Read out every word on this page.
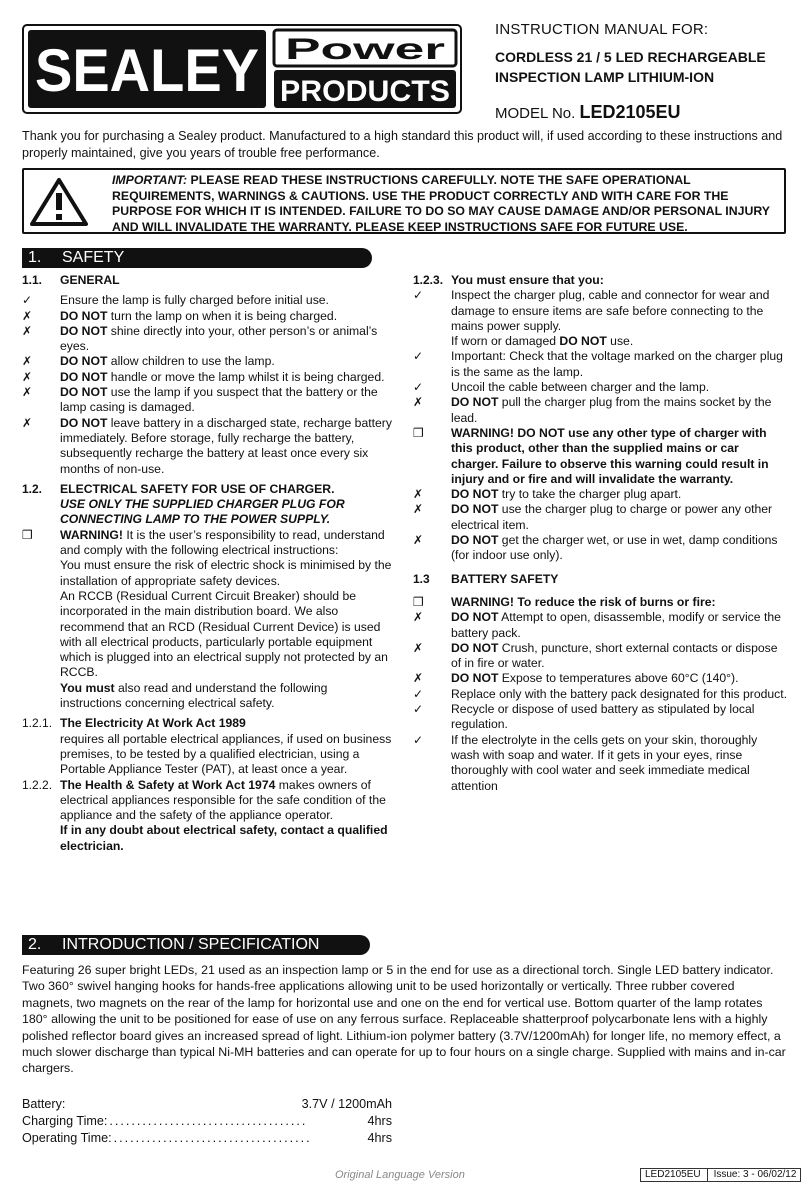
SEALEY Power
PRODUCTS
INSTRUCTION MANUAL FOR:
CORDLESS 21 / 5 LED RECHARGEABLE
INSPECTION LAMP LITHIUM-ION
MODEL No. LED2105EU
Thank you for purchasing a Sealey product. Manufactured to a high standard this product will, if used according to these instructions and properly maintained, give you years of trouble free performance.
IMPORTANT: PLEASE READ THESE INSTRUCTIONS CAREFULLY. NOTE THE SAFE OPERATIONAL REQUIREMENTS, WARNINGS & CAUTIONS. USE THE PRODUCT CORRECTLY AND WITH CARE FOR THE PURPOSE FOR WHICH IT IS INTENDED. FAILURE TO DO SO MAY CAUSE DAMAGE AND/OR PERSONAL INJURY AND WILL INVALIDATE THE WARRANTY. PLEASE KEEP INSTRUCTIONS SAFE FOR FUTURE USE.
1. SAFETY
1.1.	GENERAL
✓	Ensure the lamp is fully charged before initial use.
✗	DO NOT turn the lamp on when it is being charged.
✗	DO NOT shine directly into your, other person’s or animal’s eyes.
✗	DO NOT allow children to use the lamp.
✗	DO NOT handle or move the lamp whilst it is being charged.
✗	DO NOT use the lamp if you suspect that the battery or the lamp casing is damaged.
✗	DO NOT leave battery in a discharged state, recharge battery immediately. Before storage, fully recharge the battery, subsequently recharge the battery at least once every six months of non-use.
1.2.	ELECTRICAL SAFETY FOR USE OF CHARGER.
USE ONLY THE SUPPLIED CHARGER PLUG FOR CONNECTING LAMP TO THE POWER SUPPLY.
❒	WARNING! It is the user’s responsibility to read, understand and comply with the following electrical instructions:
You must ensure the risk of electric shock is minimised by the installation of appropriate safety devices.
An RCCB (Residual Current Circuit Breaker) should be incorporated in the main distribution board. We also recommend that an RCD (Residual Current Device) is used with all electrical products, particularly portable equipment which is plugged into an electrical supply not protected by an RCCB.
You must also read and understand the following instructions concerning electrical safety.
1.2.1. The Electricity At Work Act 1989
requires all portable electrical appliances, if used on business premises, to be tested by a qualified electrician, using a Portable Appliance Tester (PAT), at least once a year.
1.2.2. The Health & Safety at Work Act 1974 makes owners of electrical appliances responsible for the safe condition of the appliance and the safety of the appliance operator.
If in any doubt about electrical safety, contact a qualified electrician.
1.2.3. You must ensure that you:
✓	Inspect the charger plug, cable and connector for wear and damage to ensure items are safe before connecting to the mains power supply.
If worn or damaged DO NOT use.
✓	Important: Check that the voltage marked on the charger plug is the same as the lamp.
✓	Uncoil the cable between charger and the lamp.
✗	DO NOT pull the charger plug from the mains socket by the lead.
❒	WARNING! DO NOT use any other type of charger with this product, other than the supplied mains or car charger. Failure to observe this warning could result in injury and or fire and will invalidate the warranty.
✗	DO NOT try to take the charger plug apart.
✗	DO NOT use the charger plug to charge or power any other electrical item.
✗	DO NOT get the charger wet, or use in wet, damp conditions (for indoor use only).
1.3	BATTERY SAFETY
❒	WARNING! To reduce the risk of burns or fire:
✗	DO NOT Attempt to open, disassemble, modify or service the battery pack.
✗	DO NOT Crush, puncture, short external contacts or dispose of in fire or water.
✗	DO NOT Expose to temperatures above 60°C (140°).
✓	Replace only with the battery pack designated for this product.
✓	Recycle or dispose of used battery as stipulated by local regulation.
✓	If the electrolyte in the cells gets on your skin, thoroughly wash with soap and water. If it gets in your eyes, rinse thoroughly with cool water and seek immediate medical attention
2. INTRODUCTION / SPECIFICATION
Featuring 26 super bright LEDs, 21 used as an inspection lamp or 5 in the end for use as a directional torch. Single LED battery indicator. Two 360° swivel hanging hooks for hands-free applications allowing unit to be used horizontally or vertically. Three rubber covered magnets, two magnets on the rear of the lamp for horizontal use and one on the end for vertical use. Bottom quarter of the lamp rotates 180° allowing the unit to be positioned for ease of use on any ferrous surface. Replaceable shatterproof polycarbonate lens with a highly polished reflector board gives an increased spread of light. Lithium-ion polymer battery (3.7V/1200mAh) for longer life, no memory effect, a much slower discharge than typical Ni-MH batteries and can operate for up to four hours on a single charge. Supplied with mains and in-car chargers.
Battery:	3.7V / 1200mAh
Charging Time: ....................................	4hrs
Operating Time: ....................................	4hrs
Original Language Version	LED2105EU Issue: 3 - 06/02/12
